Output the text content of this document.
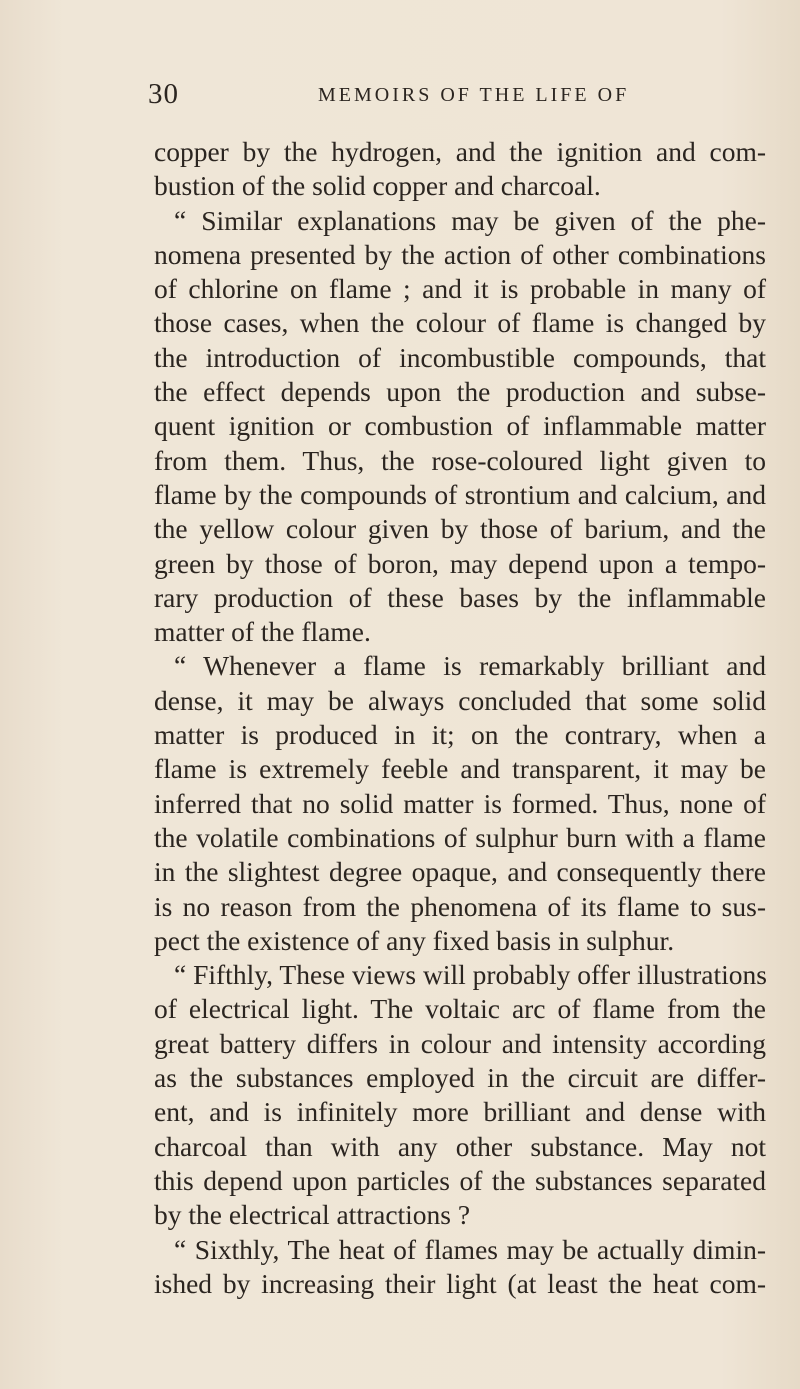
30	MEMOIRS OF THE LIFE OF
copper by the hydrogen, and the ignition and com-
bustion of the solid copper and charcoal.
“ Similar explanations may be given of the phe-
nomena presented by the action of other combinations
of chlorine on flame ; and it is probable in many of
those cases, when the colour of flame is changed by
the introduction of incombustible compounds, that
the effect depends upon the production and subse-
quent ignition or combustion of inflammable matter
from them. Thus, the rose-coloured light given to
flame by the compounds of strontium and calcium, and
the yellow colour given by those of barium, and the
green by those of boron, may depend upon a tempo-
rary production of these bases by the inflammable
matter of the flame.
“ Whenever a flame is remarkably brilliant and
dense, it may be always concluded that some solid
matter is produced in it; on the contrary, when a
flame is extremely feeble and transparent, it may be
inferred that no solid matter is formed. Thus, none of
the volatile combinations of sulphur burn with a flame
in the slightest degree opaque, and consequently there
is no reason from the phenomena of its flame to sus-
pect the existence of any fixed basis in sulphur.
“ Fifthly, These views will probably offer illustrations
of electrical light. The voltaic arc of flame from the
great battery differs in colour and intensity according
as the substances employed in the circuit are differ-
ent, and is infinitely more brilliant and dense with
charcoal than with any other substance. May not
this depend upon particles of the substances separated
by the electrical attractions ?
“ Sixthly, The heat of flames may be actually dimin-
ished by increasing their light (at least the heat com-
